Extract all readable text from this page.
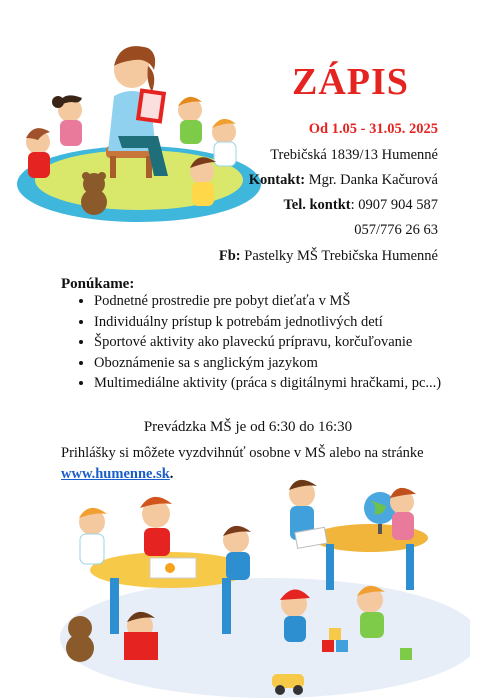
ZÁPIS
Od 1.05 - 31.05. 2025
Trebičská 1839/13 Humenné
Kontakt: Mgr. Danka Kačurová
Tel. kontkt: 0907 904 587
057/776 26 63
Fb: Pastelky MŠ Trebičska Humenné
Ponúkame:
• Podnetné prostredie pre pobyt dieťaťa v MŠ
• Individuálny prístup k potrebám jednotlivých detí
• Športové aktivity ako plaveckú prípravu, korčuľovanie
• Oboznámenie sa s anglickým jazykom
• Multimediálne aktivity (práca s digitálnymi hračkami, pc...)
Prevádzka MŠ je od 6:30 do 16:30
Prihlášky si môžete vyzdvihnúť osobne v MŠ alebo na stránke www.humenne.sk.
